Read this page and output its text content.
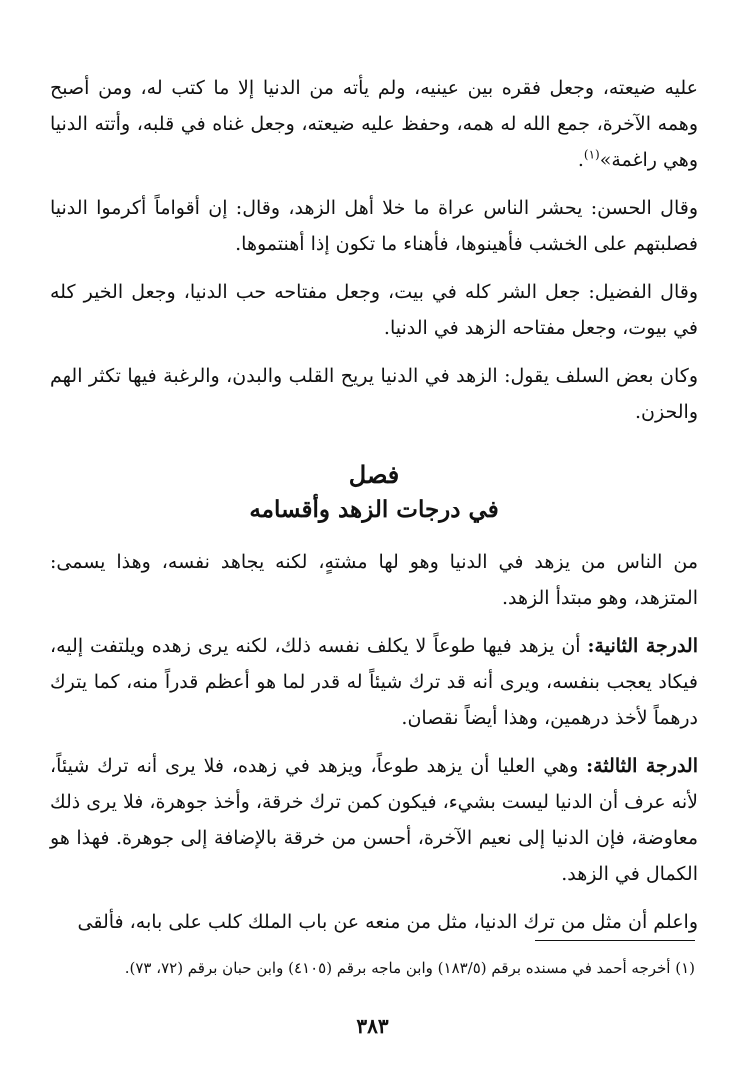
عليه ضيعته، وجعل فقره بين عينيه، ولم يأته من الدنيا إلا ما كتب له، ومن أصبح وهمه الآخرة، جمع الله له همه، وحفظ عليه ضيعته، وجعل غناه في قلبه، وأتته الدنيا وهي راغمة»$^{(١)}$.

وقال الحسن: يحشر الناس عراة ما خلا أهل الزهد، وقال: إن أقواماً أكرموا الدنيا فصلبتهم على الخشب فأهينوها، فأهناء ما تكون إذا أهنتموها.

وقال الفضيل: جعل الشر كله في بيت، وجعل مفتاحه حب الدنيا، وجعل الخير كله في بيوت، وجعل مفتاحه الزهد في الدنيا.

وكان بعض السلف يقول: الزهد في الدنيا يريح القلب والبدن، والرغبة فيها تكثر الهم والحزن.

فصل
في درجات الزهد وأقسامه

من الناس من يزهد في الدنيا وهو لها مشتهٍ، لكنه يجاهد نفسه، وهذا يسمى: المتزهد، وهو مبتدأ الزهد.

الدرجة الثانية: أن يزهد فيها طوعاً لا يكلف نفسه ذلك، لكنه يرى زهده ويلتفت إليه، فيكاد يعجب بنفسه، ويرى أنه قد ترك شيئاً له قدر لما هو أعظم قدراً منه، كما يترك درهماً لأخذ درهمين، وهذا أيضاً نقصان.

الدرجة الثالثة: وهي العليا أن يزهد طوعاً، ويزهد في زهده، فلا يرى أنه ترك شيئاً، لأنه عرف أن الدنيا ليست بشيء، فيكون كمن ترك خرقة، وأخذ جوهرة، فلا يرى ذلك معاوضة، فإن الدنيا إلى نعيم الآخرة، أحسن من خرقة بالإضافة إلى جوهرة. فهذا هو الكمال في الزهد.

واعلم أن مثل من ترك الدنيا، مثل من منعه عن باب الملك كلب على بابه، فألقى

(١) أخرجه أحمد في مسنده برقم (١٨٣/٥) وابن ماجه برقم (٤١٠٥) وابن حبان برقم (٧٢، ٧٣).
٣٨٣
